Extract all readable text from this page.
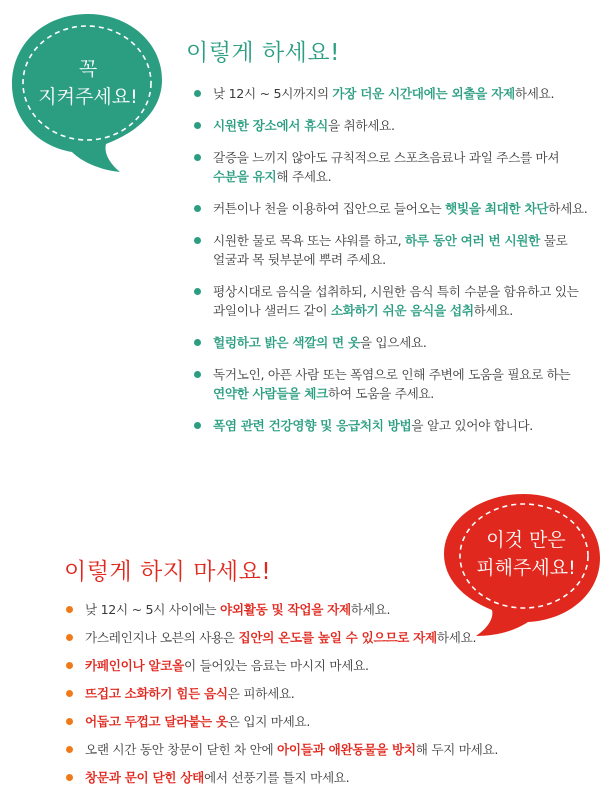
꼭
지켜주세요!
이렇게 하세요!
낮 12시 ~ 5시까지의 가장 더운 시간대에는 외출을 자제하세요.
시원한 장소에서 휴식을 취하세요.
갈증을 느끼지 않아도 규칙적으로 스포츠음료나 과일 주스를 마셔
수분을 유지해 주세요.
커튼이나 천을 이용하여 집안으로 들어오는 햇빛을 최대한 차단하세요.
시원한 물로 목욕 또는 샤워를 하고, 하루 동안 여러 번 시원한 물로
얼굴과 목 뒷부분에 뿌려 주세요.
평상시대로 음식을 섭취하되, 시원한 음식 특히 수분을 함유하고 있는
과일이나 샐러드 같이 소화하기 쉬운 음식을 섭취하세요.
헐렁하고 밝은 색깔의 면 옷을 입으세요.
독거노인, 아픈 사람 또는 폭염으로 인해 주변에 도움을 필요로 하는
연약한 사람들을 체크하여 도움을 주세요.
폭염 관련 건강영향 및 응급처치 방법을 알고 있어야 합니다.
이렇게 하지 마세요!
이것 만은
피해주세요!
낮 12시 ~ 5시 사이에는 야외활동 및 작업을 자제하세요.
가스레인지나 오븐의 사용은 집안의 온도를 높일 수 있으므로 자제하세요.
카페인이나 알코올이 들어있는 음료는 마시지 마세요.
뜨겁고 소화하기 힘든 음식은 피하세요.
어둡고 두껍고 달라붙는 옷은 입지 마세요.
오랜 시간 동안 창문이 닫힌 차 안에 아이들과 애완동물을 방치해 두지 마세요.
창문과 문이 닫힌 상태에서 선풍기를 틀지 마세요.
